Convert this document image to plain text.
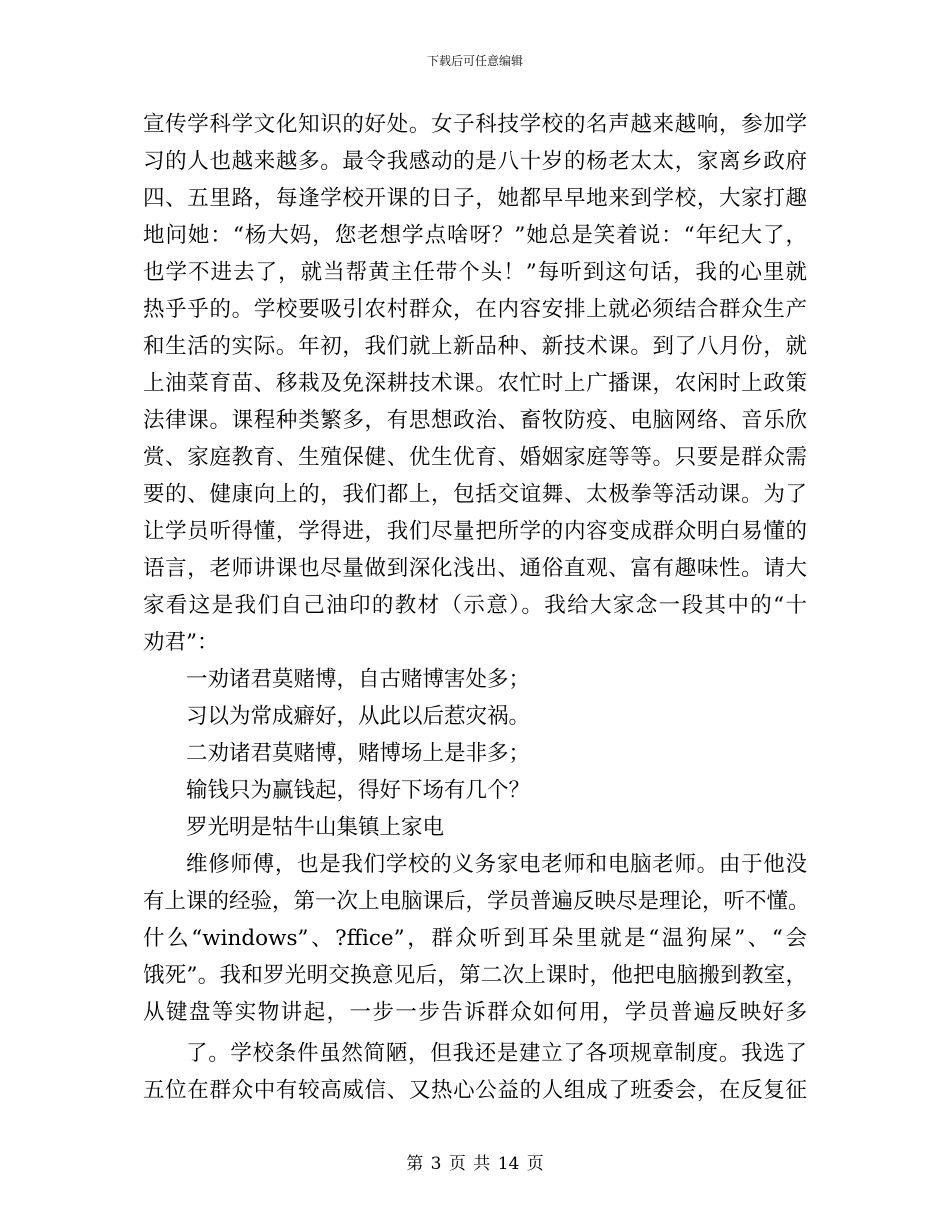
下载后可任意编辑
宣传学科学文化知识的好处。女子科技学校的名声越来越响，参加学
习的人也越来越多。最令我感动的是八十岁的杨老太太，家离乡政府
四、五里路，每逢学校开课的日子，她都早早地来到学校，大家打趣
地问她：“杨大妈，您老想学点啥呀？”她总是笑着说：“年纪大了，
也学不进去了，就当帮黄主任带个头！”每听到这句话，我的心里就
热乎乎的。学校要吸引农村群众，在内容安排上就必须结合群众生产
和生活的实际。年初，我们就上新品种、新技术课。到了八月份，就
上油菜育苗、移栽及免深耕技术课。农忙时上广播课，农闲时上政策
法律课。课程种类繁多，有思想政治、畜牧防疫、电脑网络、音乐欣
赏、家庭教育、生殖保健、优生优育、婚姻家庭等等。只要是群众需
要的、健康向上的，我们都上，包括交谊舞、太极拳等活动课。为了
让学员听得懂，学得进，我们尽量把所学的内容变成群众明白易懂的
语言，老师讲课也尽量做到深化浅出、通俗直观、富有趣味性。请大
家看这是我们自己油印的教材（示意）。我给大家念一段其中的“十
劝君”：
一劝诸君莫赌博，自古赌博害处多；
习以为常成癖好，从此以后惹灾祸。
二劝诸君莫赌博，赌博场上是非多；
输钱只为赢钱起，得好下场有几个？
罗光明是牯牛山集镇上家电
维修师傅，也是我们学校的义务家电老师和电脑老师。由于他没
有上课的经验，第一次上电脑课后，学员普遍反映尽是理论，听不懂。
什么“windows”、?ffice”，群众听到耳朵里就是“温狗屎”、“会
饿死”。我和罗光明交换意见后，第二次上课时，他把电脑搬到教室，
从键盘等实物讲起，一步一步告诉群众如何用，学员普遍反映好多
了。学校条件虽然简陋，但我还是建立了各项规章制度。我选了
五位在群众中有较高威信、又热心公益的人组成了班委会，在反复征
第 3 页 共 14 页
